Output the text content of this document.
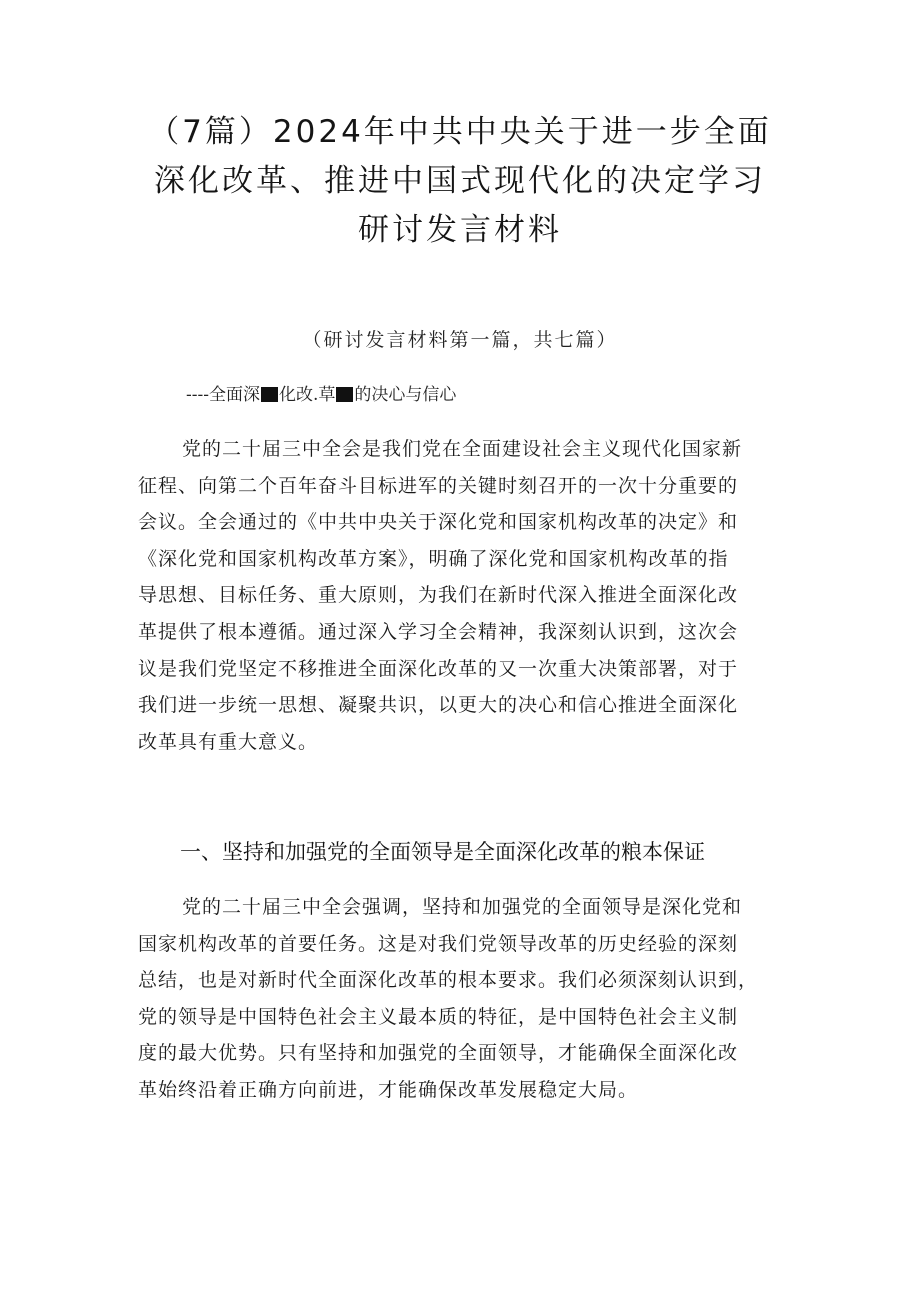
（7篇）2024年中共中央关于进一步全面
深化改革、推进中国式现代化的决定学习
研讨发言材料
（研讨发言材料第一篇，共七篇）
----全面深 化改.草 的决心与信心
党的二十届三中全会是我们党在全面建设社会主义现代化国家新
征程、向第二个百年奋斗目标进军的关键时刻召开的一次十分重要的
会议。全会通过的《中共中央关于深化党和国家机构改革的决定》和
《深化党和国家机构改革方案》，明确了深化党和国家机构改革的指
导思想、目标任务、重大原则，为我们在新时代深入推进全面深化改
革提供了根本遵循。通过深入学习全会精神，我深刻认识到，这次会
议是我们党坚定不移推进全面深化改革的又一次重大决策部署，对于
我们进一步统一思想、凝聚共识，以更大的决心和信心推进全面深化
改革具有重大意义。
一、坚持和加强党的全面领导是全面深化改革的粮本保证
党的二十届三中全会强调，坚持和加强党的全面领导是深化党和
国家机构改革的首要任务。这是对我们党领导改革的历史经验的深刻
总结，也是对新时代全面深化改革的根本要求。我们必须深刻认识到，
党的领导是中国特色社会主义最本质的特征，是中国特色社会主义制
度的最大优势。只有坚持和加强党的全面领导，才能确保全面深化改
革始终沿着正确方向前进，才能确保改革发展稳定大局。
